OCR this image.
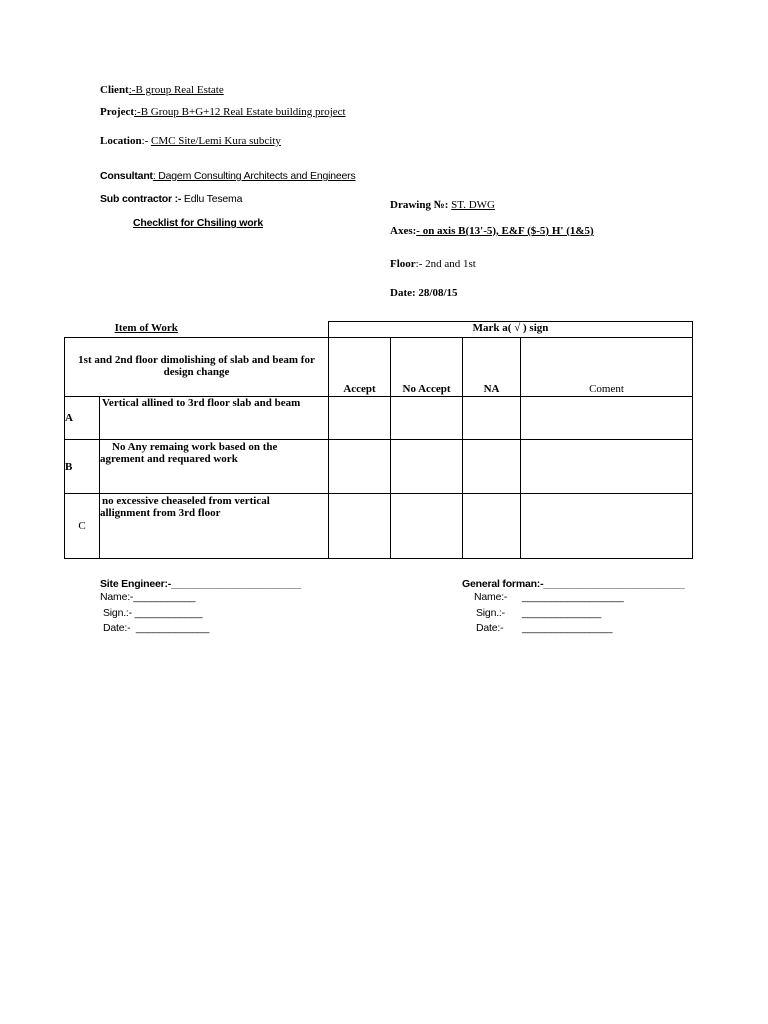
Client:-B group Real Estate
Project:-B Group B+G+12 Real Estate building project
Location:- CMC Site/Lemi Kura subcity
Consultant: Dagem Consulting Architects and Engineers
Sub contractor :- Edlu Tesema
Checklist for Chsiling work
Drawing №: ST. DWG
Axes:- on axis B(13'-5), E&F ($-5) H' (1&5)
Floor:- 2nd and 1st
Date: 28/08/15
Item of Work		Mark a( √ ) sign			

1st and 2nd floor dimolishing of slab and beam for
design change		Accept	No Accept	NA	Coment
A	Vertical allined to 3rd floor slab and beam				

B	No Any remaing work based on the
agrement and requared work				

C	no excessive cheaseled from vertical
allignment from 3rd floor				

Site Engineer:-_______________________
Name:-___________
Sign.:- ____________
Date:- _____________
General forman:-_________________________
Name:- __________________
Sign.:- ______________
Date:- ________________
